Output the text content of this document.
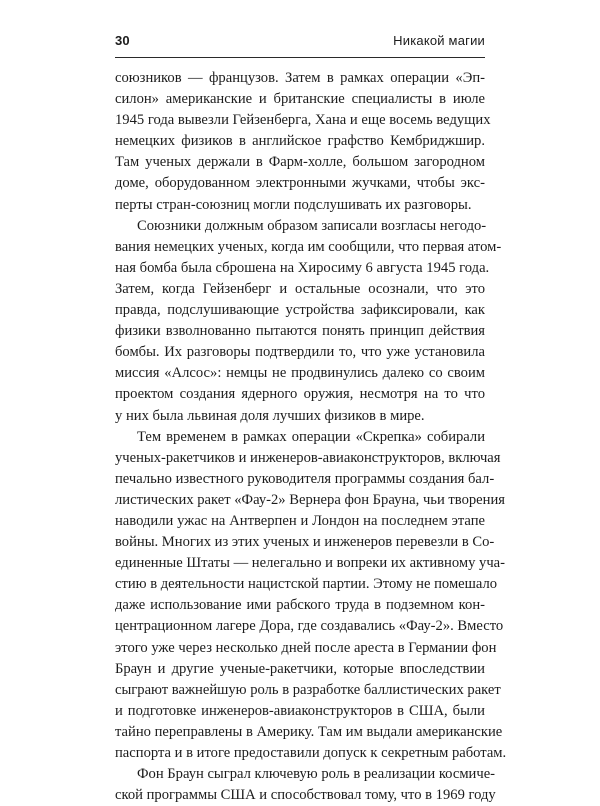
30	Никакой магии

союзников — французов. Затем в рамках операции «Эп-
силон» американские и британские специалисты в июле
1945 года вывезли Гейзенберга, Хана и еще восемь ведущих
немецких физиков в английское графство Кембриджшир.
Там ученых держали в Фарм-холле, большом загородном
доме, оборудованном электронными жучками, чтобы экс-
перты стран-союзниц могли подслушивать их разговоры.

Союзники должным образом записали возгласы негодо-
вания немецких ученых, когда им сообщили, что первая атом-
ная бомба была сброшена на Хиросиму 6 августа 1945 года.
Затем, когда Гейзенберг и остальные осознали, что это
правда, подслушивающие устройства зафиксировали, как
физики взволнованно пытаются понять принцип действия
бомбы. Их разговоры подтвердили то, что уже установила
миссия «Алсос»: немцы не продвинулись далеко со своим
проектом создания ядерного оружия, несмотря на то что
у них была львиная доля лучших физиков в мире.

Тем временем в рамках операции «Скрепка» собирали
ученых-ракетчиков и инженеров-авиаконструкторов, включая
печально известного руководителя программы создания бал-
листических ракет «Фау-2» Вернера фон Брауна, чьи творения
наводили ужас на Антверпен и Лондон на последнем этапе
войны. Многих из этих ученых и инженеров перевезли в Со-
единенные Штаты — нелегально и вопреки их активному уча-
стию в деятельности нацистской партии. Этому не помешало
даже использование ими рабского труда в подземном кон-
центрационном лагере Дора, где создавались «Фау-2». Вместо
этого уже через несколько дней после ареста в Германии фон
Браун и другие ученые-ракетчики, которые впоследствии
сыграют важнейшую роль в разработке баллистических ракет
и подготовке инженеров-авиаконструкторов в США, были
тайно переправлены в Америку. Там им выдали американские
паспорта и в итоге предоставили допуск к секретным работам.

Фон Браун сыграл ключевую роль в реализации космиче-
ской программы США и способствовал тому, что в 1969 году
